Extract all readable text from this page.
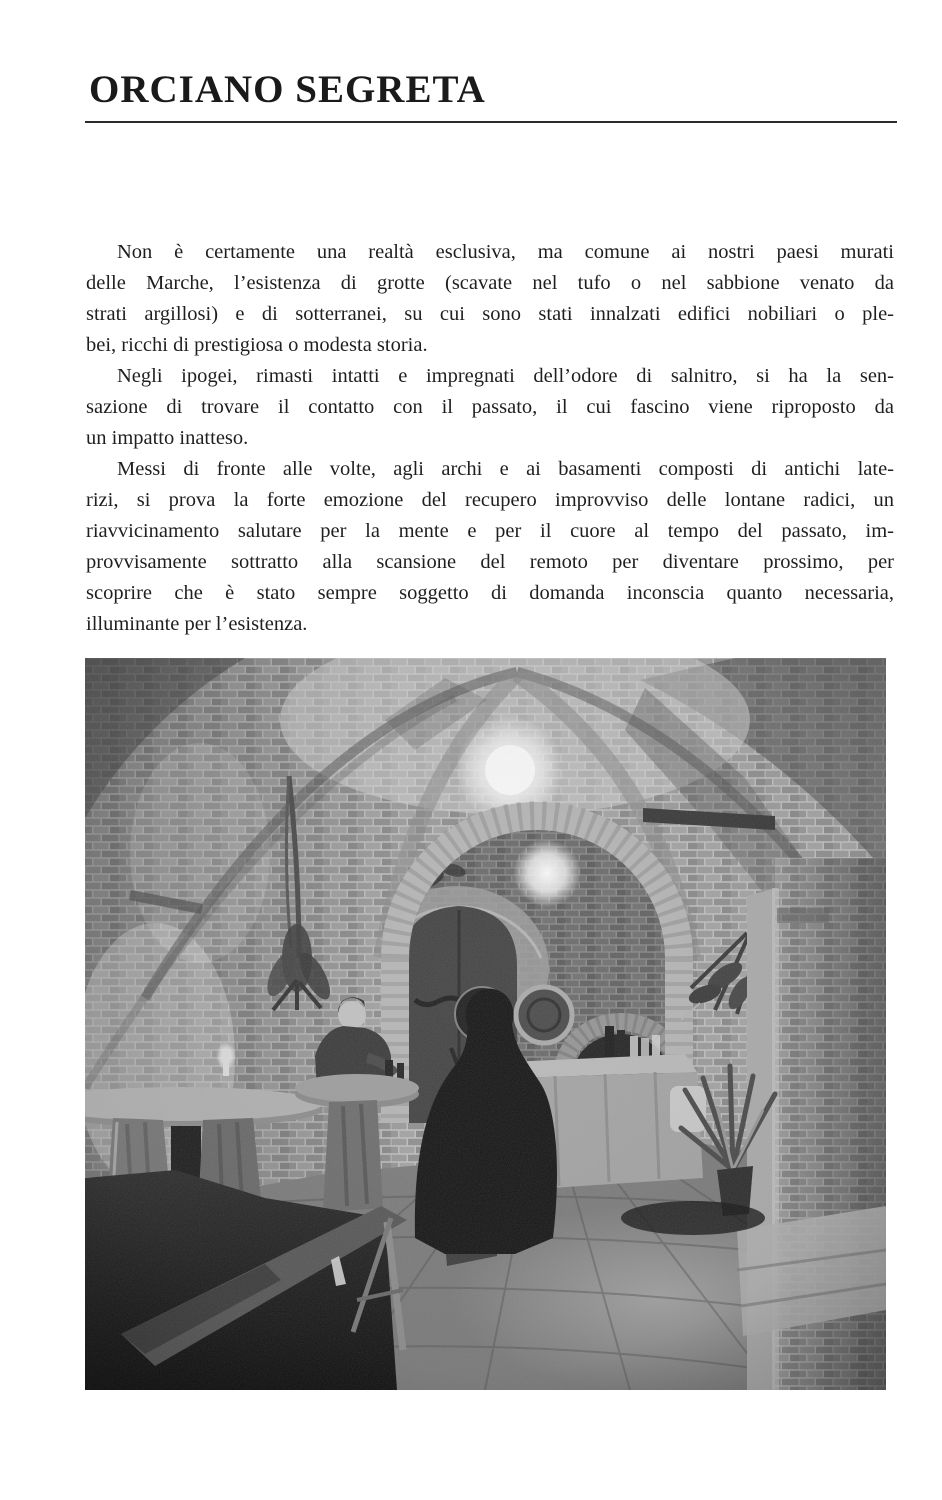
ORCIANO SEGRETA
Non è certamente una realtà esclusiva, ma comune ai nostri paesi murati
delle Marche, l’esistenza di grotte (scavate nel tufo o nel sabbione venato da
strati argillosi) e di sotterranei, su cui sono stati innalzati edifici nobiliari o ple-
bei, ricchi di prestigiosa o modesta storia.
Negli ipogei, rimasti intatti e impregnati dell’odore di salnitro, si ha la sen-
sazione di trovare il contatto con il passato, il cui fascino viene riproposto da
un impatto inatteso.
Messi di fronte alle volte, agli archi e ai basamenti composti di antichi late-
rizi, si prova la forte emozione del recupero improvviso delle lontane radici, un
riavvicinamento salutare per la mente e per il cuore al tempo del passato, im-
provvisamente sottratto alla scansione del remoto per diventare prossimo, per
scoprire che è stato sempre soggetto di domanda inconscia quanto necessaria,
illuminante per l’esistenza.
